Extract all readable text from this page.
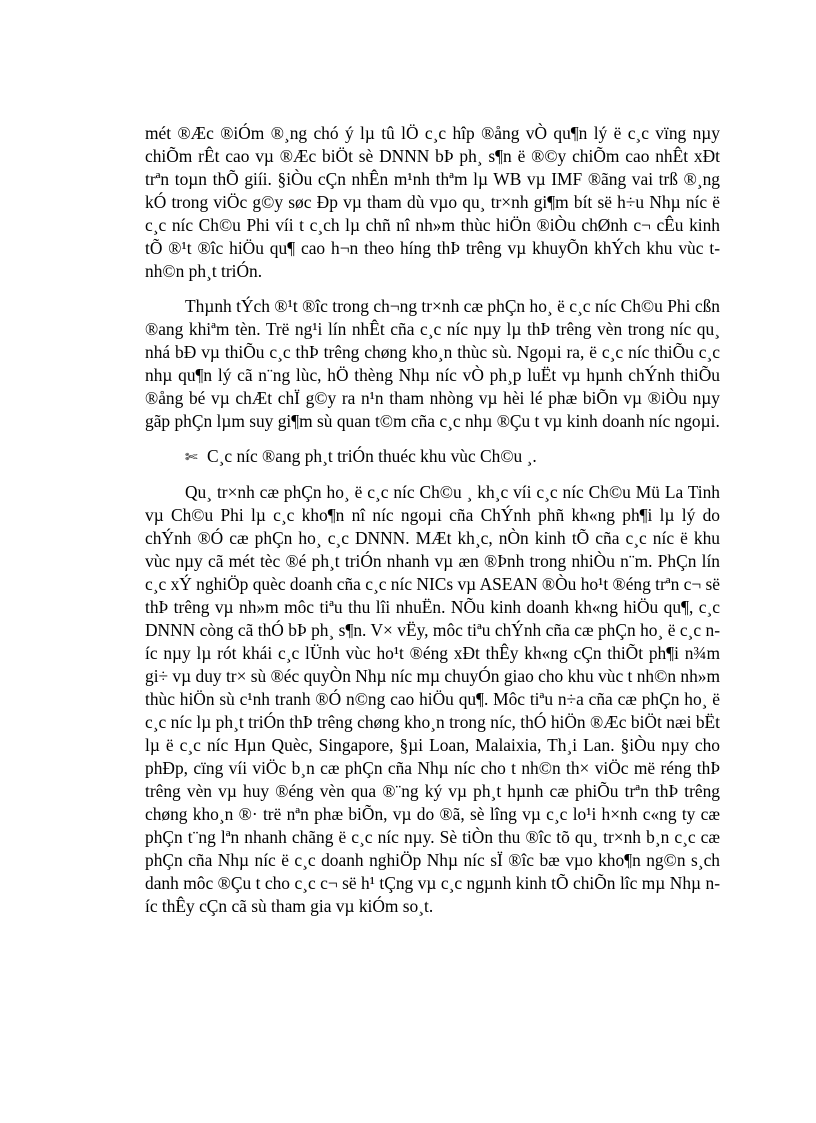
mét ®Æc ®iÓm ®¸ng chó ý lµ tû lÖ c¸c hîp ®ång vÒ qu¶n lý ë c¸c vïng nµy chiÕm rÊt cao vµ ®Æc biÖt sè DNNN bÞ ph¸ s¶n ë ®©y chiÕm cao nhÊt xÐt trªn toµn thÕ giíi. §iÒu cÇn nhÊn m¹nh thªm lµ WB vµ IMF ®ãng vai trß ®¸ng kÓ trong viÖc g©y søc Ðp vµ tham dù vµo qu¸ tr×nh gi¶m bít së h÷u Nhµ níc ë c¸c níc Ch©u Phi víi t c¸ch lµ chñ nî nh»m thùc hiÖn ®iÒu chØnh c¬ cÊu kinh tÕ ®¹t ®îc hiÖu qu¶ cao h¬n theo híng thÞ trêng vµ khuyÕn khÝch khu vùc t nh©n ph¸t triÓn.

Thµnh tÝch ®¹t ®îc trong ch¬ng tr×nh cæ phÇn ho¸ ë c¸c níc Ch©u Phi cßn ®ang khiªm tèn. Trë ng¹i lín nhÊt cña c¸c níc nµy lµ thÞ trêng vèn trong níc qu¸ nhá bÐ vµ thiÕu c¸c thÞ trêng chøng kho¸n thùc sù. Ngoµi ra, ë c¸c níc thiÕu c¸c nhµ qu¶n lý cã n¨ng lùc, hÖ thèng Nhµ níc vÒ ph¸p luËt vµ hµnh chÝnh thiÕu ®ång bé vµ chÆt chÏ g©y ra n¹n tham nhòng vµ hèi lé phæ biÕn vµ ®iÒu nµy gãp phÇn lµm suy gi¶m sù quan t©m cña c¸c nhµ ®Çu t vµ kinh doanh níc ngoµi.

✄ C¸c níc ®ang ph¸t triÓn thuéc khu vùc Ch©u ¸.

Qu¸ tr×nh cæ phÇn ho¸ ë c¸c níc Ch©u ¸ kh¸c víi c¸c níc Ch©u Mü La Tinh vµ Ch©u Phi lµ c¸c kho¶n nî níc ngoµi cña ChÝnh phñ kh«ng ph¶i lµ lý do chÝnh ®Ó cæ phÇn ho¸ c¸c DNNN. MÆt kh¸c, nÒn kinh tÕ cña c¸c níc ë khu vùc nµy cã mét tèc ®é ph¸t triÓn nhanh vµ æn ®Þnh trong nhiÒu n¨m. PhÇn lín c¸c xÝ nghiÖp quèc doanh cña c¸c níc NICs vµ ASEAN ®Òu ho¹t ®éng trªn c¬ së thÞ trêng vµ nh»m môc tiªu thu lîi nhuËn. NÕu kinh doanh kh«ng hiÖu qu¶, c¸c DNNN còng cã thÓ bÞ ph¸ s¶n. V× vËy, môc tiªu chÝnh cña cæ phÇn ho¸ ë c¸c níc nµy lµ rót khái c¸c lÜnh vùc ho¹t ®éng xÐt thÊy kh«ng cÇn thiÕt ph¶i n¾m gi÷ vµ duy tr× sù ®éc quyÒn Nhµ níc mµ chuyÓn giao cho khu vùc t nh©n nh»m thùc hiÖn sù c¹nh tranh ®Ó n©ng cao hiÖu qu¶. Môc tiªu n÷a cña cæ phÇn ho¸ ë c¸c níc lµ ph¸t triÓn thÞ trêng chøng kho¸n trong níc, thÓ hiÖn ®Æc biÖt næi bËt lµ ë c¸c níc Hµn Quèc, Singapore, §µi Loan, Malaixia, Th¸i Lan. §iÒu nµy cho phÐp, cïng víi viÖc b¸n cæ phÇn cña Nhµ níc cho t nh©n th× viÖc më réng thÞ trêng vèn vµ huy ®éng vèn qua ®¨ng ký vµ ph¸t hµnh cæ phiÕu trªn thÞ trêng chøng kho¸n ®· trë nªn phæ biÕn, vµ do ®ã, sè lîng vµ c¸c lo¹i h×nh c«ng ty cæ phÇn t¨ng lªn nhanh chãng ë c¸c níc nµy. Sè tiÒn thu ®îc tõ qu¸ tr×nh b¸n c¸c cæ phÇn cña Nhµ níc ë c¸c doanh nghiÖp Nhµ níc sÏ ®îc bæ vµo kho¶n ng©n s¸ch danh môc ®Çu t cho c¸c c¬ së h¹ tÇng vµ c¸c ngµnh kinh tÕ chiÕn lîc mµ Nhµ níc thÊy cÇn cã sù tham gia vµ kiÓm so¸t.
